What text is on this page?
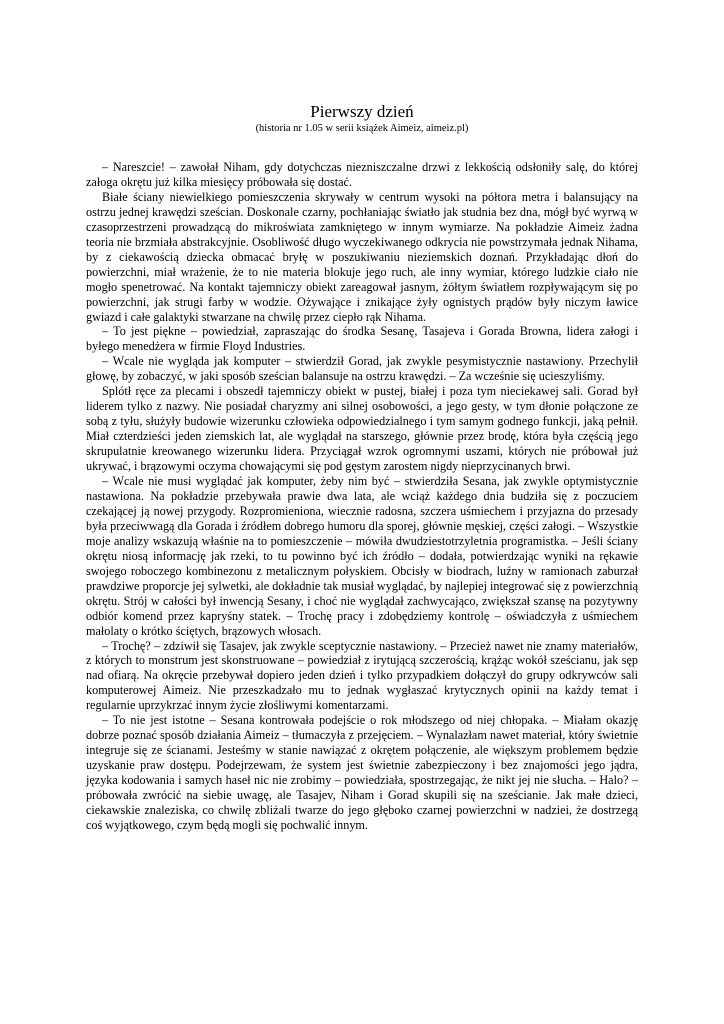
Pierwszy dzień
(historia nr 1.05 w serii książek Aimeiz, aimeiz.pl)

– Nareszcie! – zawołał Niham, gdy dotychczas niezniszczalne drzwi z lekkością odsłoniły salę, do której załoga okrętu już kilka miesięcy próbowała się dostać.

Białe ściany niewielkiego pomieszczenia skrywały w centrum wysoki na półtora metra i balansujący na ostrzu jednej krawędzi sześcian. Doskonale czarny, pochłaniając światło jak studnia bez dna, mógł być wyrwą w czasoprzestrzeni prowadzącą do mikroświata zamkniętego w innym wymiarze. Na pokładzie Aimeiz żadna teoria nie brzmiała abstrakcyjnie. Osobliwość długo wyczekiwanego odkrycia nie powstrzymała jednak Nihama, by z ciekawością dziecka obmacać bryłę w poszukiwaniu nieziemskich doznań. Przykładając dłoń do powierzchni, miał wrażenie, że to nie materia blokuje jego ruch, ale inny wymiar, którego ludzkie ciało nie mogło spenetrować. Na kontakt tajemniczy obiekt zareagował jasnym, żółtym światłem rozpływającym się po powierzchni, jak strugi farby w wodzie. Ożywające i znikające żyły ognistych prądów były niczym ławice gwiazd i całe galaktyki stwarzane na chwilę przez ciepło rąk Nihama.

– To jest piękne – powiedział, zapraszając do środka Sesanę, Tasajeva i Gorada Browna, lidera załogi i byłego menedżera w firmie Floyd Industries.

– Wcale nie wygląda jak komputer – stwierdził Gorad, jak zwykle pesymistycznie nastawiony. Przechylił głowę, by zobaczyć, w jaki sposób sześcian balansuje na ostrzu krawędzi. – Za wcześnie się ucieszyliśmy.

Splótł ręce za plecami i obszedł tajemniczy obiekt w pustej, białej i poza tym nieciekawej sali. Gorad był liderem tylko z nazwy. Nie posiadał charyzmy ani silnej osobowości, a jego gesty, w tym dłonie połączone ze sobą z tyłu, służyły budowie wizerunku człowieka odpowiedzialnego i tym samym godnego funkcji, jaką pełnił. Miał czterdzieści jeden ziemskich lat, ale wyglądał na starszego, głównie przez brodę, która była częścią jego skrupulatnie kreowanego wizerunku lidera. Przyciągał wzrok ogromnymi uszami, których nie próbował już ukrywać, i brązowymi oczyma chowającymi się pod gęstym zarostem nigdy nieprzycinanych brwi.

– Wcale nie musi wyglądać jak komputer, żeby nim być – stwierdziła Sesana, jak zwykle optymistycznie nastawiona. Na pokładzie przebywała prawie dwa lata, ale wciąż każdego dnia budziła się z poczuciem czekającej ją nowej przygody. Rozpromieniona, wiecznie radosna, szczera uśmiechem i przyjazna do przesady była przeciwwagą dla Gorada i źródłem dobrego humoru dla sporej, głównie męskiej, części załogi. – Wszystkie moje analizy wskazują właśnie na to pomieszczenie – mówiła dwudziestotrzyletnia programistka. – Jeśli ściany okrętu niosą informację jak rzeki, to tu powinno być ich źródło – dodała, potwierdzając wyniki na rękawie swojego roboczego kombinezonu z metalicznym połyskiem. Obcisły w biodrach, luźny w ramionach zaburzał prawdziwe proporcje jej sylwetki, ale dokładnie tak musiał wyglądać, by najlepiej integrować się z powierzchnią okrętu. Strój w całości był inwencją Sesany, i choć nie wyglądał zachwycająco, zwiększał szansę na pozytywny odbiór komend przez kapryśny statek. – Trochę pracy i zdobędziemy kontrolę – oświadczyła z uśmiechem małolaty o krótko ściętych, brązowych włosach.

– Trochę? – zdziwił się Tasajev, jak zwykle sceptycznie nastawiony. – Przecież nawet nie znamy materiałów, z których to monstrum jest skonstruowane – powiedział z irytującą szczerością, krążąc wokół sześcianu, jak sęp nad ofiarą. Na okręcie przebywał dopiero jeden dzień i tylko przypadkiem dołączył do grupy odkrywców sali komputerowej Aimeiz. Nie przeszkadzało mu to jednak wygłaszać krytycznych opinii na każdy temat i regularnie uprzykrzać innym życie złośliwymi komentarzami.

– To nie jest istotne – Sesana kontrowała podejście o rok młodszego od niej chłopaka. – Miałam okazję dobrze poznać sposób działania Aimeiz – tłumaczyła z przejęciem. – Wynalazłam nawet materiał, który świetnie integruje się ze ścianami. Jesteśmy w stanie nawiązać z okrętem połączenie, ale większym problemem będzie uzyskanie praw dostępu. Podejrzewam, że system jest świetnie zabezpieczony i bez znajomości jego jądra, języka kodowania i samych haseł nic nie zrobimy – powiedziała, spostrzegając, że nikt jej nie słucha. – Halo? – próbowała zwrócić na siebie uwagę, ale Tasajev, Niham i Gorad skupili się na sześcianie. Jak małe dzieci, ciekawskie znaleziska, co chwilę zbliżali twarze do jego głęboko czarnej powierzchni w nadziei, że dostrzegą coś wyjątkowego, czym będą mogli się pochwalić innym.
